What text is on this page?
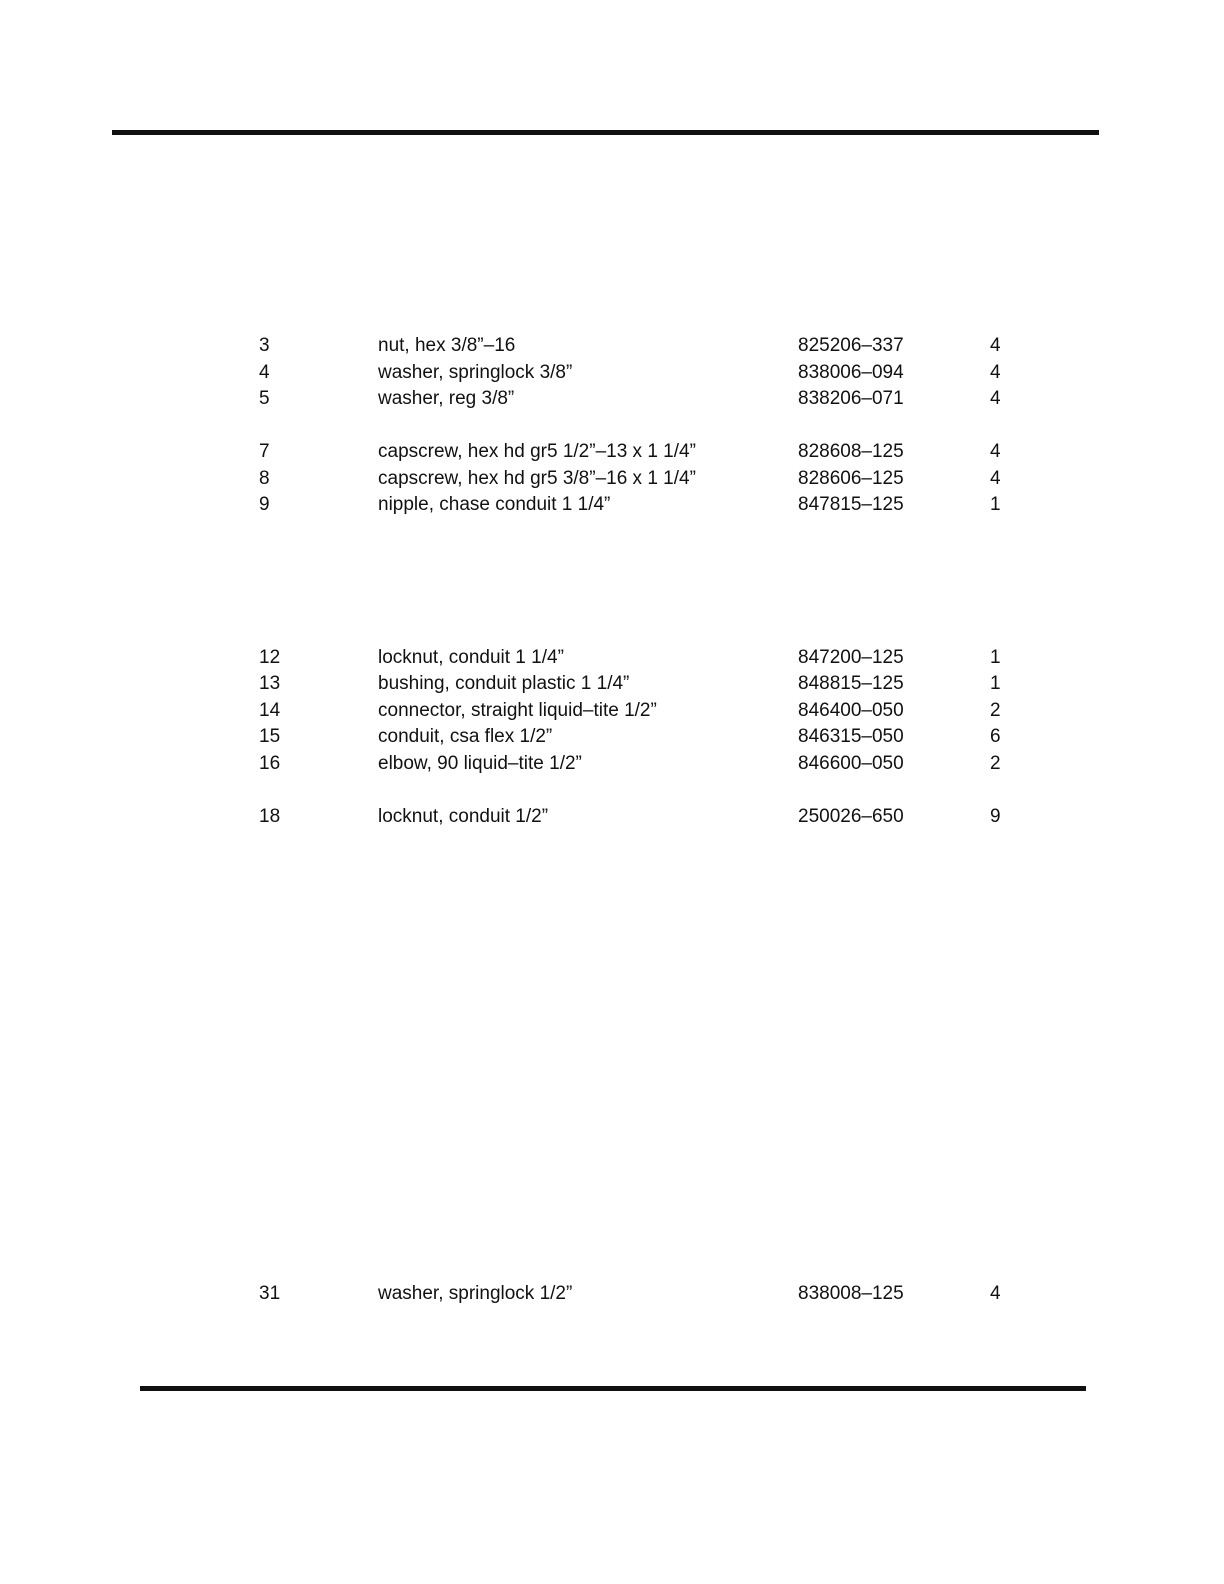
3	nut, hex 3/8”–16	825206–337	4
4	washer, springlock 3/8”	838006–094	4
5	washer, reg 3/8”	838206–071	4
7	capscrew, hex hd gr5 1/2”–13 x 1 1/4”	828608–125	4
8	capscrew, hex hd gr5 3/8”–16 x 1 1/4”	828606–125	4
9	nipple, chase conduit 1 1/4”	847815–125	1
12	locknut, conduit 1 1/4”	847200–125	1
13	bushing, conduit plastic 1 1/4”	848815–125	1
14	connector, straight liquid–tite 1/2”	846400–050	2
15	conduit, csa flex 1/2”	846315–050	6
16	elbow, 90 liquid–tite 1/2”	846600–050	2
18	locknut, conduit 1/2”	250026–650	9
31	washer, springlock 1/2”	838008–125	4
